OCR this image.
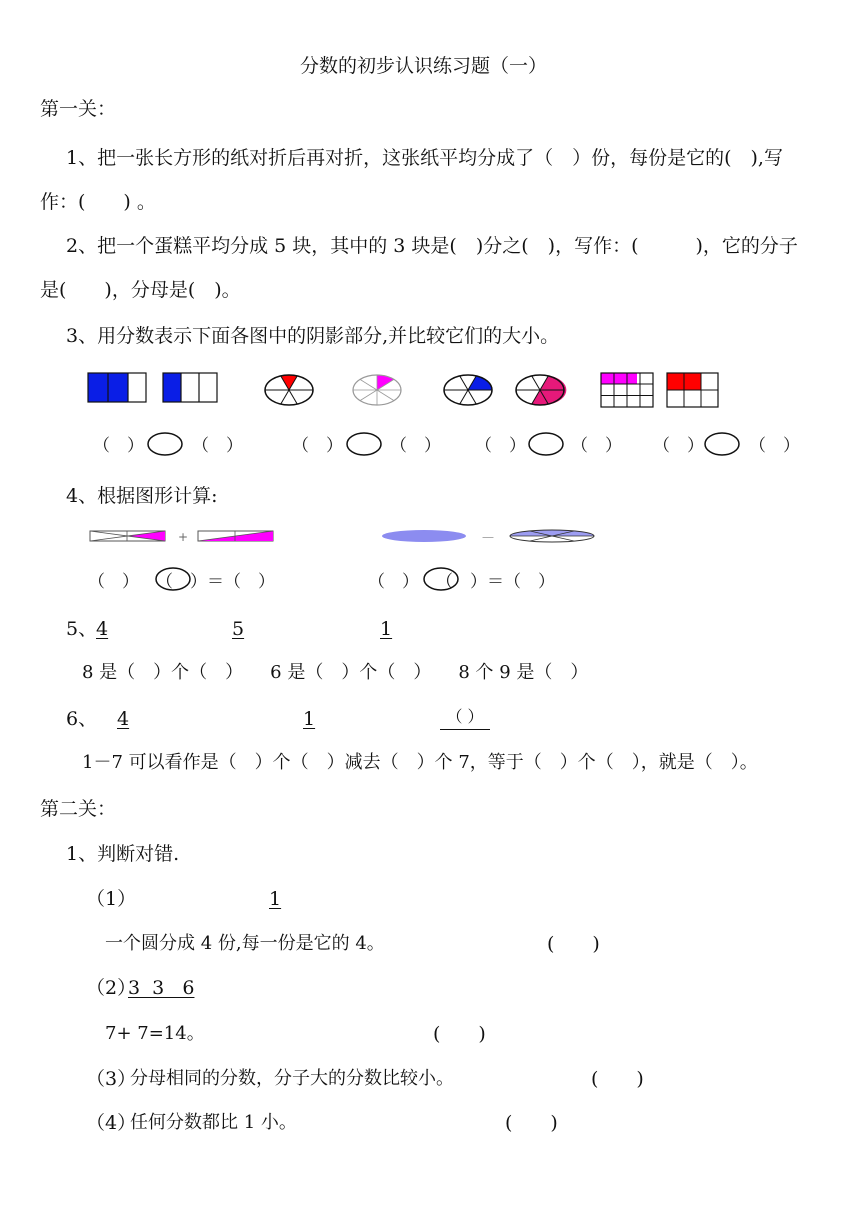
分数的初步认识练习题（一）
第一关：
1、把一张长方形的纸对折后再对折，这张纸平均分成了（　）份，每份是它的(　),写
作：(　　) 。
2、把一个蛋糕平均分成 5 块，其中的 3 块是(　)分之(　)，写作：(　　　)，它的分子
是(　　)，分母是(　)。
3、用分数表示下面各图中的阴影部分,并比较它们的大小。
（　）	（　）	（　）	（　） （　）	（　） （　）	（　）
4、根据图形计算:
+	—
（　）　　（　）＝（　）	（　）　　（　）＝（　）
5、
4	5	1
8 是（　）个（　）　　6 是（　）个（　）　　8 个 9 是（　）
6、 4	1	（ ）
1－7 可以看作是（　）个（　）减去（　）个 7，等于（　）个（　），就是（　）。
第二关：
1、判断对错.
（1）	1
一个圆分成 4 份,每一份是它的 4。	(　　)
（2）
3  3   6
7+ 7=14。	(　　)
（3）
分母相同的分数，分子大的分数比较小。	(　　)
（4）
任何分数都比 1 小。	(　　)
